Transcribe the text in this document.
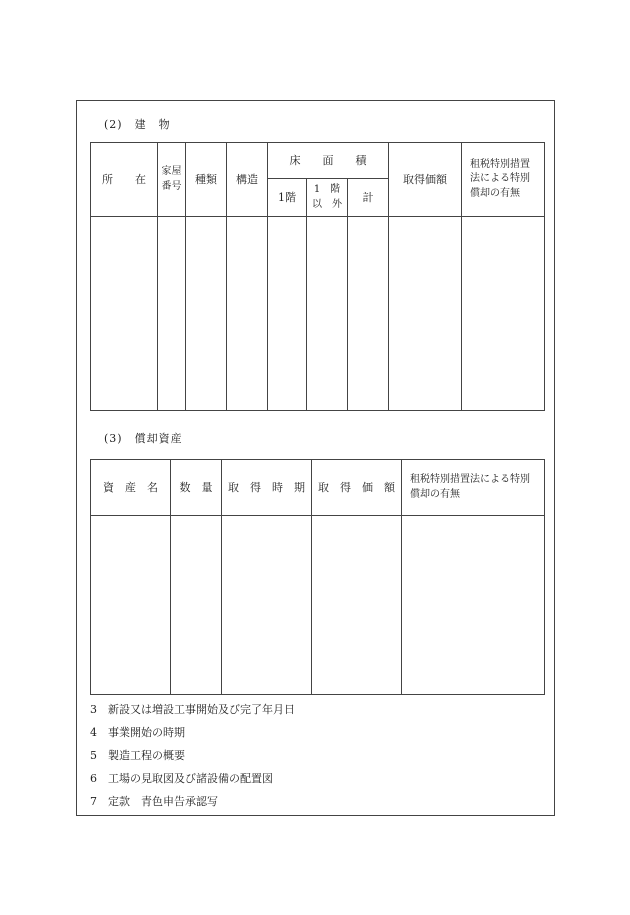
(2)　建　物
所　　在	家屋番号	種類	構造	床　　面　　積			取得価額	租税特別措置法による特別償却の有無
				1階	1　階以　外	計		

(3)　償却資産
資　産　名	数　量	取　得　時　期	取　得　価　額	租税特別措置法による特別償却の有無

3 新設又は増設工事開始及び完了年月日
4 事業開始の時期
5 製造工程の概要
6 工場の見取図及び諸設備の配置図
7 定款　青色申告承認写
